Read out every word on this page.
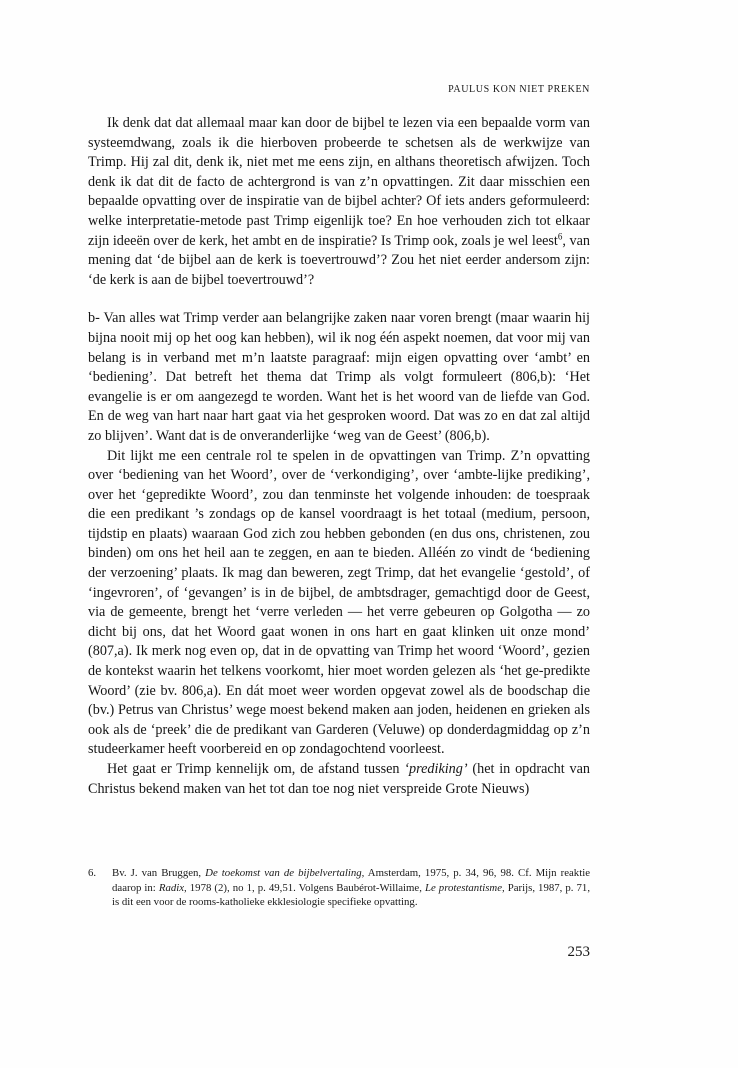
PAULUS KON NIET PREKEN

Ik denk dat dat allemaal maar kan door de bijbel te lezen via een bepaalde vorm van systeemdwang, zoals ik die hierboven probeerde te schetsen als de werkwijze van Trimp. Hij zal dit, denk ik, niet met me eens zijn, en althans theoretisch afwijzen. Toch denk ik dat dit de facto de achtergrond is van z’n opvattingen. Zit daar misschien een bepaalde opvatting over de inspiratie van de bijbel achter? Of iets anders geformuleerd: welke interpretatie-metode past Trimp eigenlijk toe? En hoe verhouden zich tot elkaar zijn ideeën over de kerk, het ambt en de inspiratie? Is Trimp ook, zoals je wel leest$^6$, van mening dat ‘de bijbel aan de kerk is toevertrouwd’? Zou het niet eerder andersom zijn: ‘de kerk is aan de bijbel toevertrouwd’?

b- Van alles wat Trimp verder aan belangrijke zaken naar voren brengt (maar waarin hij bijna nooit mij op het oog kan hebben), wil ik nog één aspekt noemen, dat voor mij van belang is in verband met m’n laatste paragraaf: mijn eigen opvatting over ‘ambt’ en ‘bediening’. Dat betreft het thema dat Trimp als volgt formuleert (806,b): ‘Het evangelie is er om aangezegd te worden. Want het is het woord van de liefde van God. En de weg van hart naar hart gaat via het gesproken woord. Dat was zo en dat zal altijd zo blijven’. Want dat is de onveranderlijke ‘weg van de Geest’ (806,b).

Dit lijkt me een centrale rol te spelen in de opvattingen van Trimp. Z’n opvatting over ‘bediening van het Woord’, over de ‘verkondiging’, over ‘ambte-lijke prediking’, over het ‘gepredikte Woord’, zou dan tenminste het volgende inhouden: de toespraak die een predikant ’s zondags op de kansel voordraagt is het totaal (medium, persoon, tijdstip en plaats) waaraan God zich zou hebben gebonden (en dus ons, christenen, zou binden) om ons het heil aan te zeggen, en aan te bieden. Alléén zo vindt de ‘bediening der verzoening’ plaats. Ik mag dan beweren, zegt Trimp, dat het evangelie ‘gestold’, of ‘ingevroren’, of ‘gevangen’ is in de bijbel, de ambtsdrager, gemachtigd door de Geest, via de gemeente, brengt het ‘verre verleden — het verre gebeuren op Golgotha — zo dicht bij ons, dat het Woord gaat wonen in ons hart en gaat klinken uit onze mond’ (807,a). Ik merk nog even op, dat in de opvatting van Trimp het woord ‘Woord’, gezien de kontekst waarin het telkens voorkomt, hier moet worden gelezen als ‘het ge-predikte Woord’ (zie bv. 806,a). En dát moet weer worden opgevat zowel als de boodschap die (bv.) Petrus van Christus’ wege moest bekend maken aan joden, heidenen en grieken als ook als de ‘preek’ die de predikant van Garderen (Veluwe) op donderdagmiddag op z’n studeerkamer heeft voorbereid en op zondagochtend voorleest.

Het gaat er Trimp kennelijk om, de afstand tussen ‘prediking’ (het in opdracht van Christus bekend maken van het tot dan toe nog niet verspreide Grote Nieuws)

6.	Bv. J. van Bruggen, De toekomst van de bijbelvertaling, Amsterdam, 1975, p. 34, 96, 98. Cf. Mijn reaktie daarop in: Radix, 1978 (2), no 1, p. 49,51. Volgens Baubérot-Willaime, Le protestantisme, Parijs, 1987, p. 71, is dit een voor de rooms-katholieke ekklesiologie specifieke opvatting.
253
